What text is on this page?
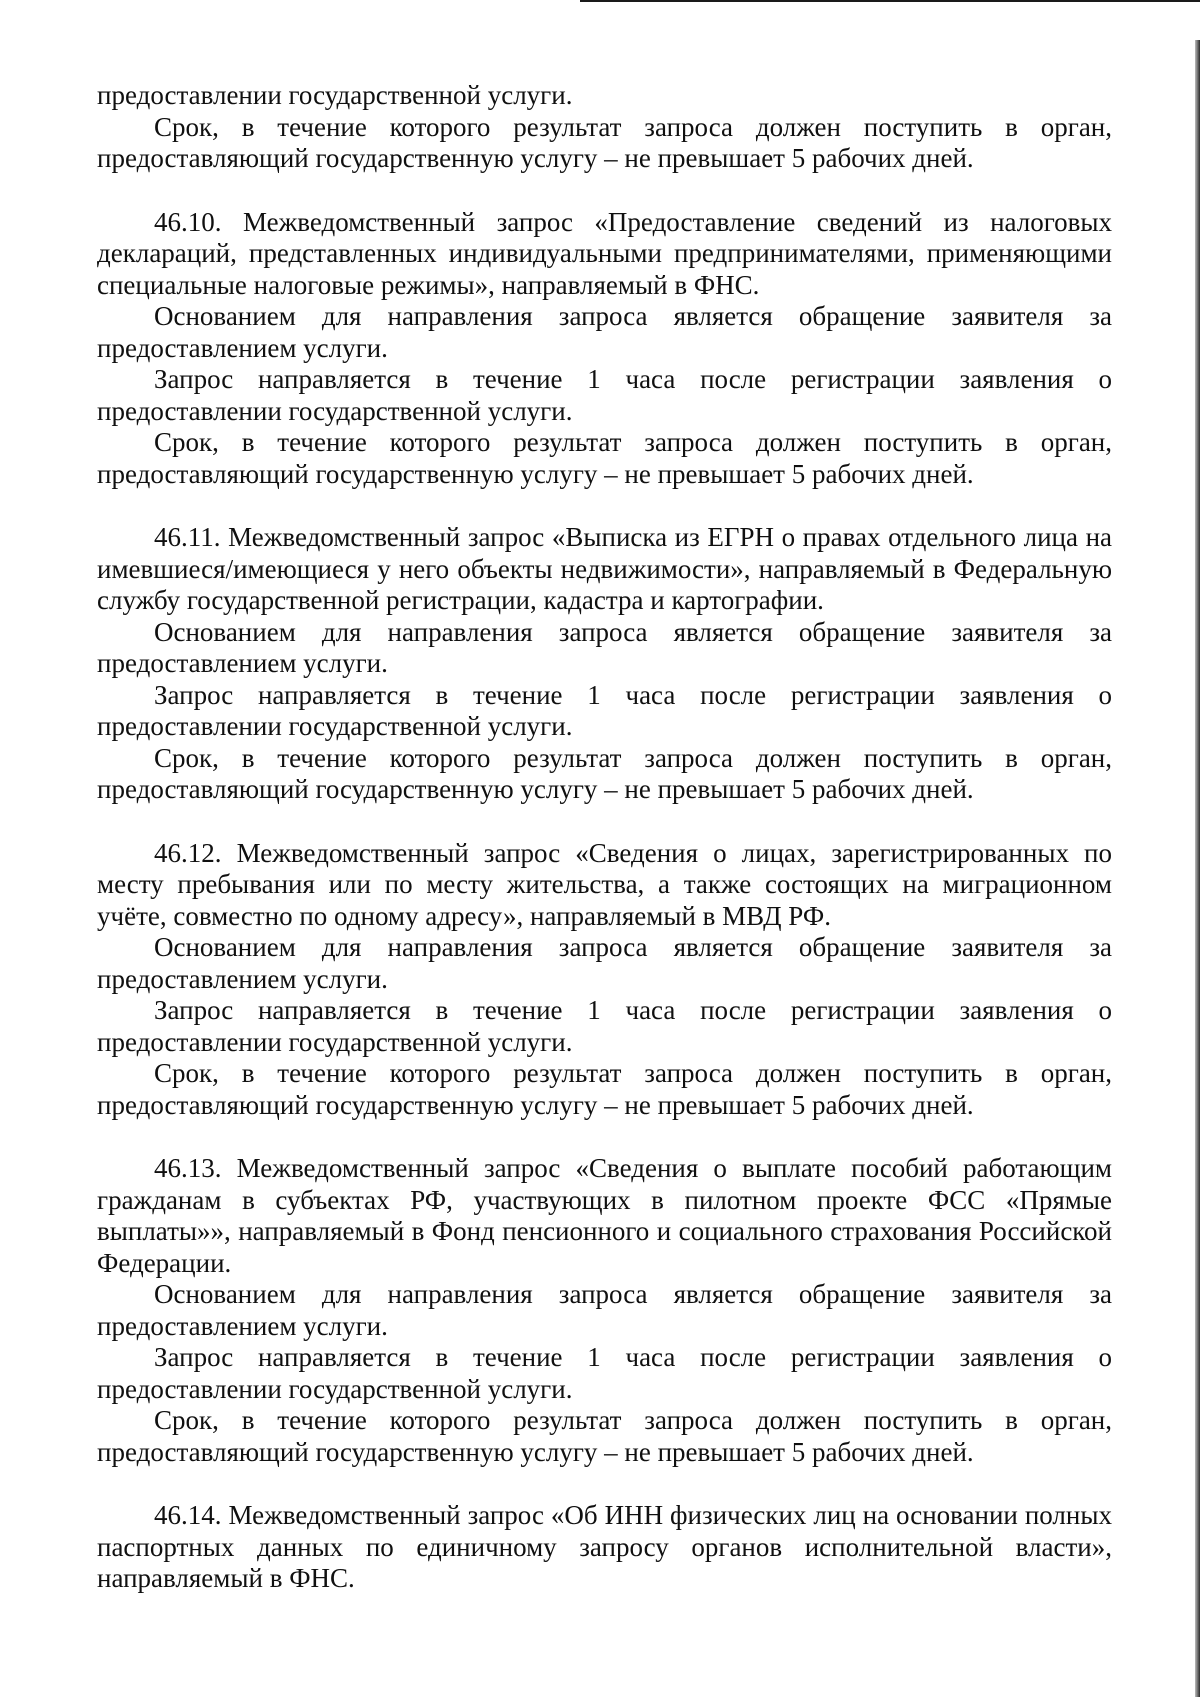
предоставлении государственной услуги.

Срок, в течение которого результат запроса должен поступить в орган, предоставляющий государственную услугу – не превышает 5 рабочих дней.

46.10. Межведомственный запрос «Предоставление сведений из налоговых деклараций, представленных индивидуальными предпринимателями, применяющими специальные налоговые режимы», направляемый в ФНС.

Основанием для направления запроса является обращение заявителя за предоставлением услуги.

Запрос направляется в течение 1 часа после регистрации заявления о предоставлении государственной услуги.

Срок, в течение которого результат запроса должен поступить в орган, предоставляющий государственную услугу – не превышает 5 рабочих дней.

46.11. Межведомственный запрос «Выписка из ЕГРН о правах отдельного лица на имевшиеся/имеющиеся у него объекты недвижимости», направляемый в Федеральную службу государственной регистрации, кадастра и картографии.

Основанием для направления запроса является обращение заявителя за предоставлением услуги.

Запрос направляется в течение 1 часа после регистрации заявления о предоставлении государственной услуги.

Срок, в течение которого результат запроса должен поступить в орган, предоставляющий государственную услугу – не превышает 5 рабочих дней.

46.12. Межведомственный запрос «Сведения о лицах, зарегистрированных по месту пребывания или по месту жительства, а также состоящих на миграционном учёте, совместно по одному адресу», направляемый в МВД РФ.

Основанием для направления запроса является обращение заявителя за предоставлением услуги.

Запрос направляется в течение 1 часа после регистрации заявления о предоставлении государственной услуги.

Срок, в течение которого результат запроса должен поступить в орган, предоставляющий государственную услугу – не превышает 5 рабочих дней.

46.13. Межведомственный запрос «Сведения о выплате пособий работающим гражданам в субъектах РФ, участвующих в пилотном проекте ФСС «Прямые выплаты»», направляемый в Фонд пенсионного и социального страхования Российской Федерации.

Основанием для направления запроса является обращение заявителя за предоставлением услуги.

Запрос направляется в течение 1 часа после регистрации заявления о предоставлении государственной услуги.

Срок, в течение которого результат запроса должен поступить в орган, предоставляющий государственную услугу – не превышает 5 рабочих дней.

46.14. Межведомственный запрос «Об ИНН физических лиц на основании полных паспортных данных по единичному запросу органов исполнительной власти», направляемый в ФНС.
